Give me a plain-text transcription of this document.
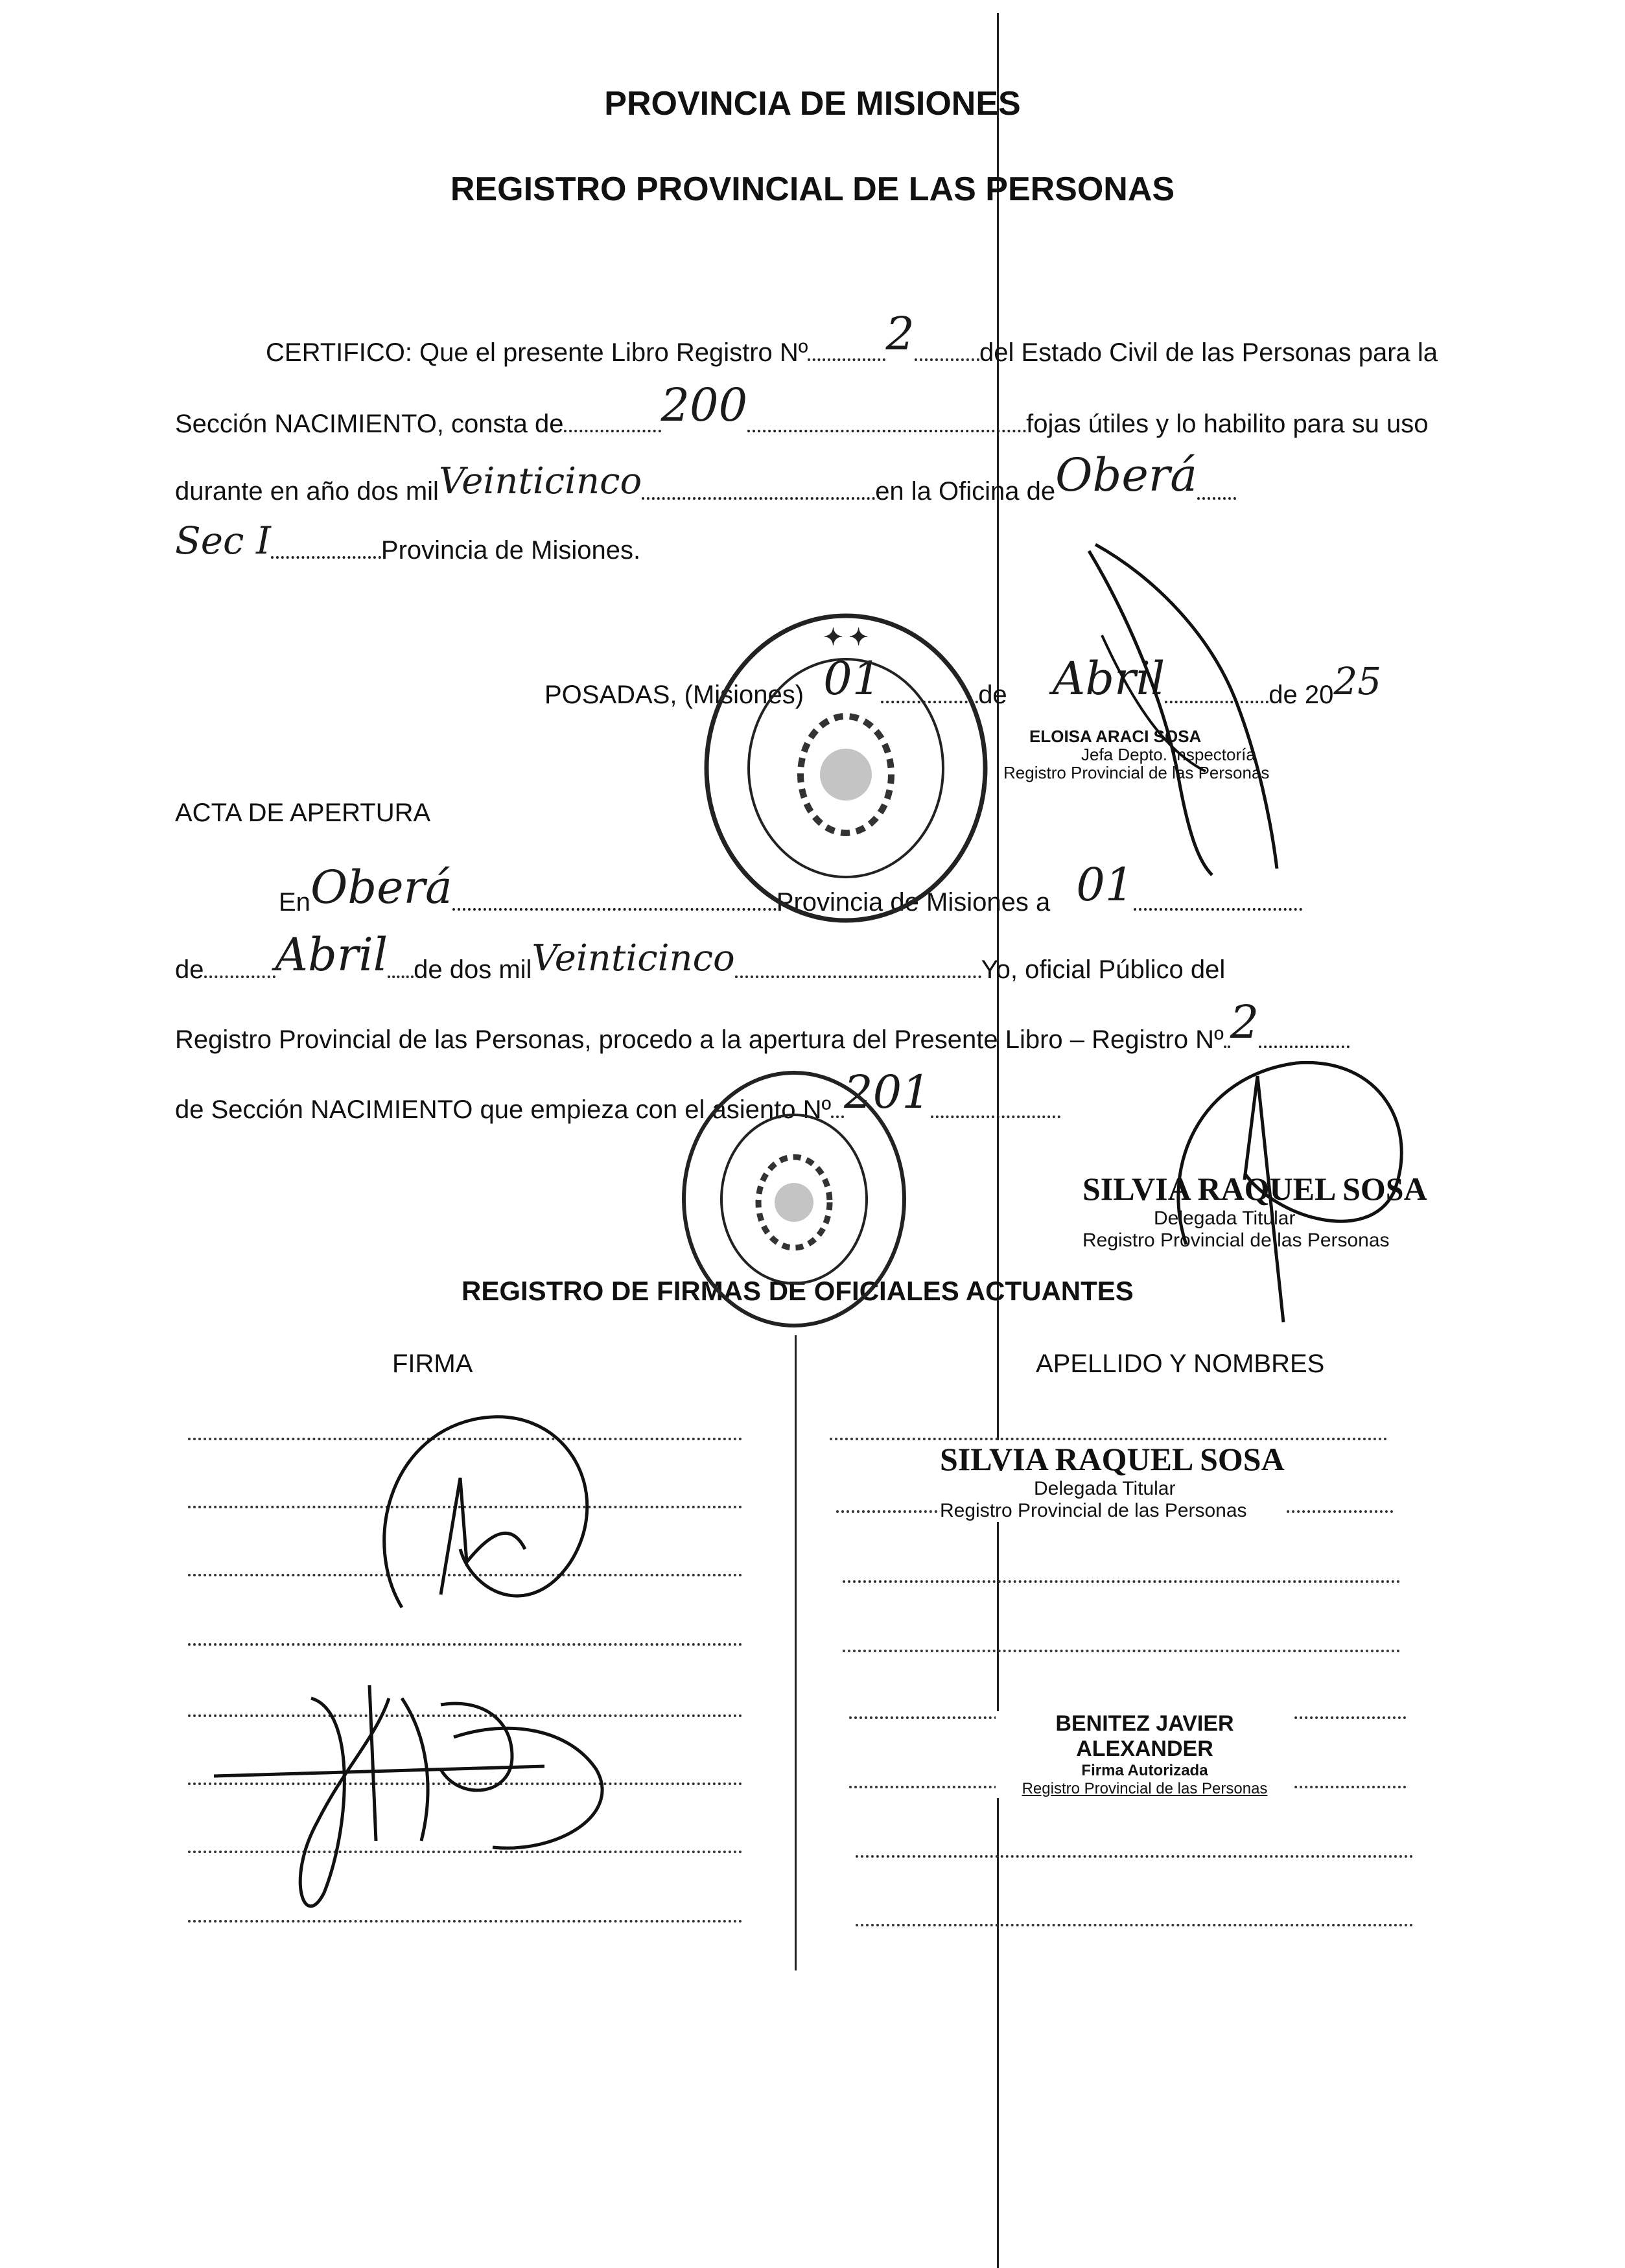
PROVINCIA DE MISIONES
REGISTRO PROVINCIAL DE LAS PERSONAS
CERTIFICO: Que el presente Libro Registro Nº 2	del Estado Civil de las Personas para la
Sección NACIMIENTO, consta de 200	fojas útiles y lo habilito para su uso
durante en año dos milVeinticinco	en la Oficina deOberá
Sec I	Provincia de Misiones.
POSADAS, (Misiones) 01	de Abril	de 2025
ELOISA ARACI SOSA
Jefa Depto. Inspectoría
Registro Provincial de las Personas
ACTA DE APERTURA
EnOberá	Provincia de Misiones a 01
de Abril de dos milVeinticinco	Yo, oficial Público del
Registro Provincial de las Personas, procedo a la apertura del Presente Libro – Registro Nº 2
de Sección NACIMIENTO que empieza con el asiento Nº 201
SILVIA RAQUEL SOSA
Delegada Titular
Registro Provincial de las Personas
REGISTRO DE FIRMAS DE OFICIALES ACTUANTES
FIRMA	APELLIDO Y NOMBRES
SILVIA RAQUEL SOSA
Delegada Titular
Registro Provincial de las Personas
BENITEZ JAVIER ALEXANDER
Firma Autorizada
Registro Provincial de las Personas
✦ ✦
